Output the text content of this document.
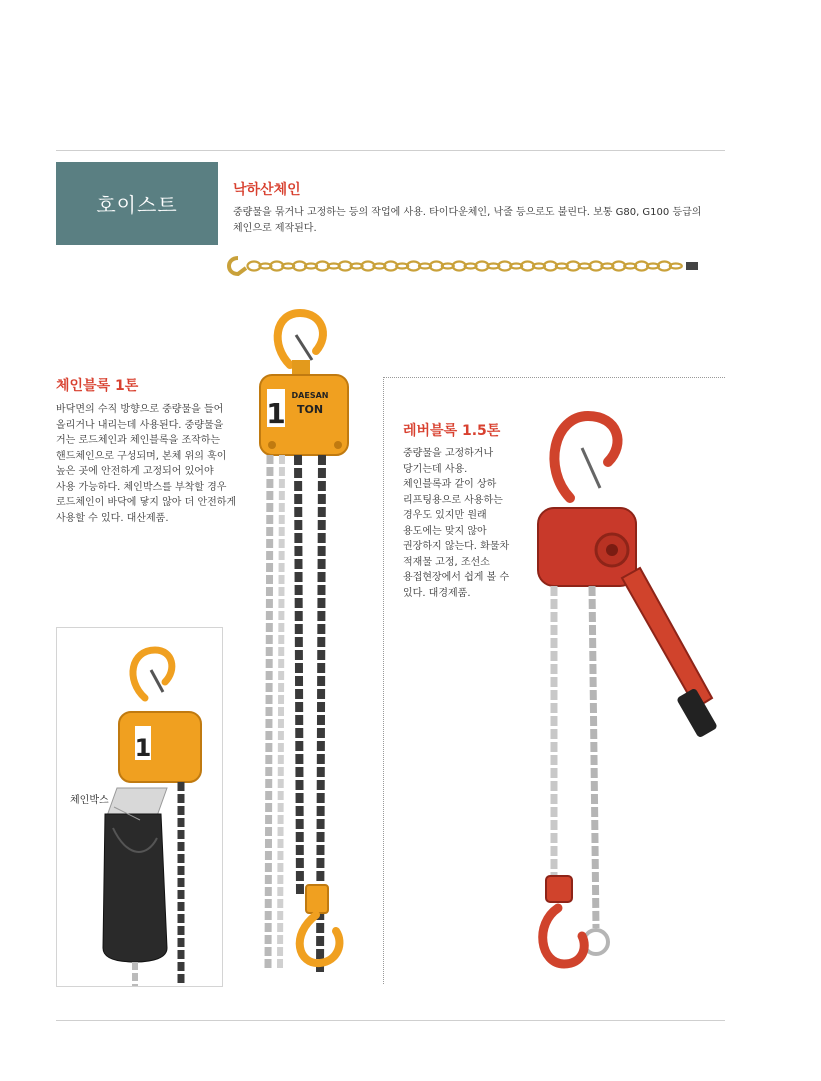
호이스트
낙하산체인
중량물을 묶거나 고정하는 등의 작업에 사용. 타이다운체인, 낙줄 등으로도 불린다. 보통 G80, G100 등급의
체인으로 제작된다.
체인블록 1톤
바닥면의 수직 방향으로 중량물을 들어
올리거나 내리는데 사용된다. 중량물을
거는 로드체인과 체인블록을 조작하는
핸드체인으로 구성되며, 본체 위의 훅이
높은 곳에 안전하게 고정되어 있어야
사용 가능하다. 체인박스를 부착할 경우
로드체인이 바닥에 닿지 않아 더 안전하게
사용할 수 있다. 대산제품.
레버블록 1.5톤
중량물을 고정하거나
당기는데 사용.
체인블록과 같이 상하
리프팅용으로 사용하는
경우도 있지만 원래
용도에는 맞지 않아
권장하지 않는다. 화물차
적재물 고정, 조선소
용접현장에서 쉽게 볼 수
있다. 대경제품.
1
DAESAN
TON
1
체인박스
